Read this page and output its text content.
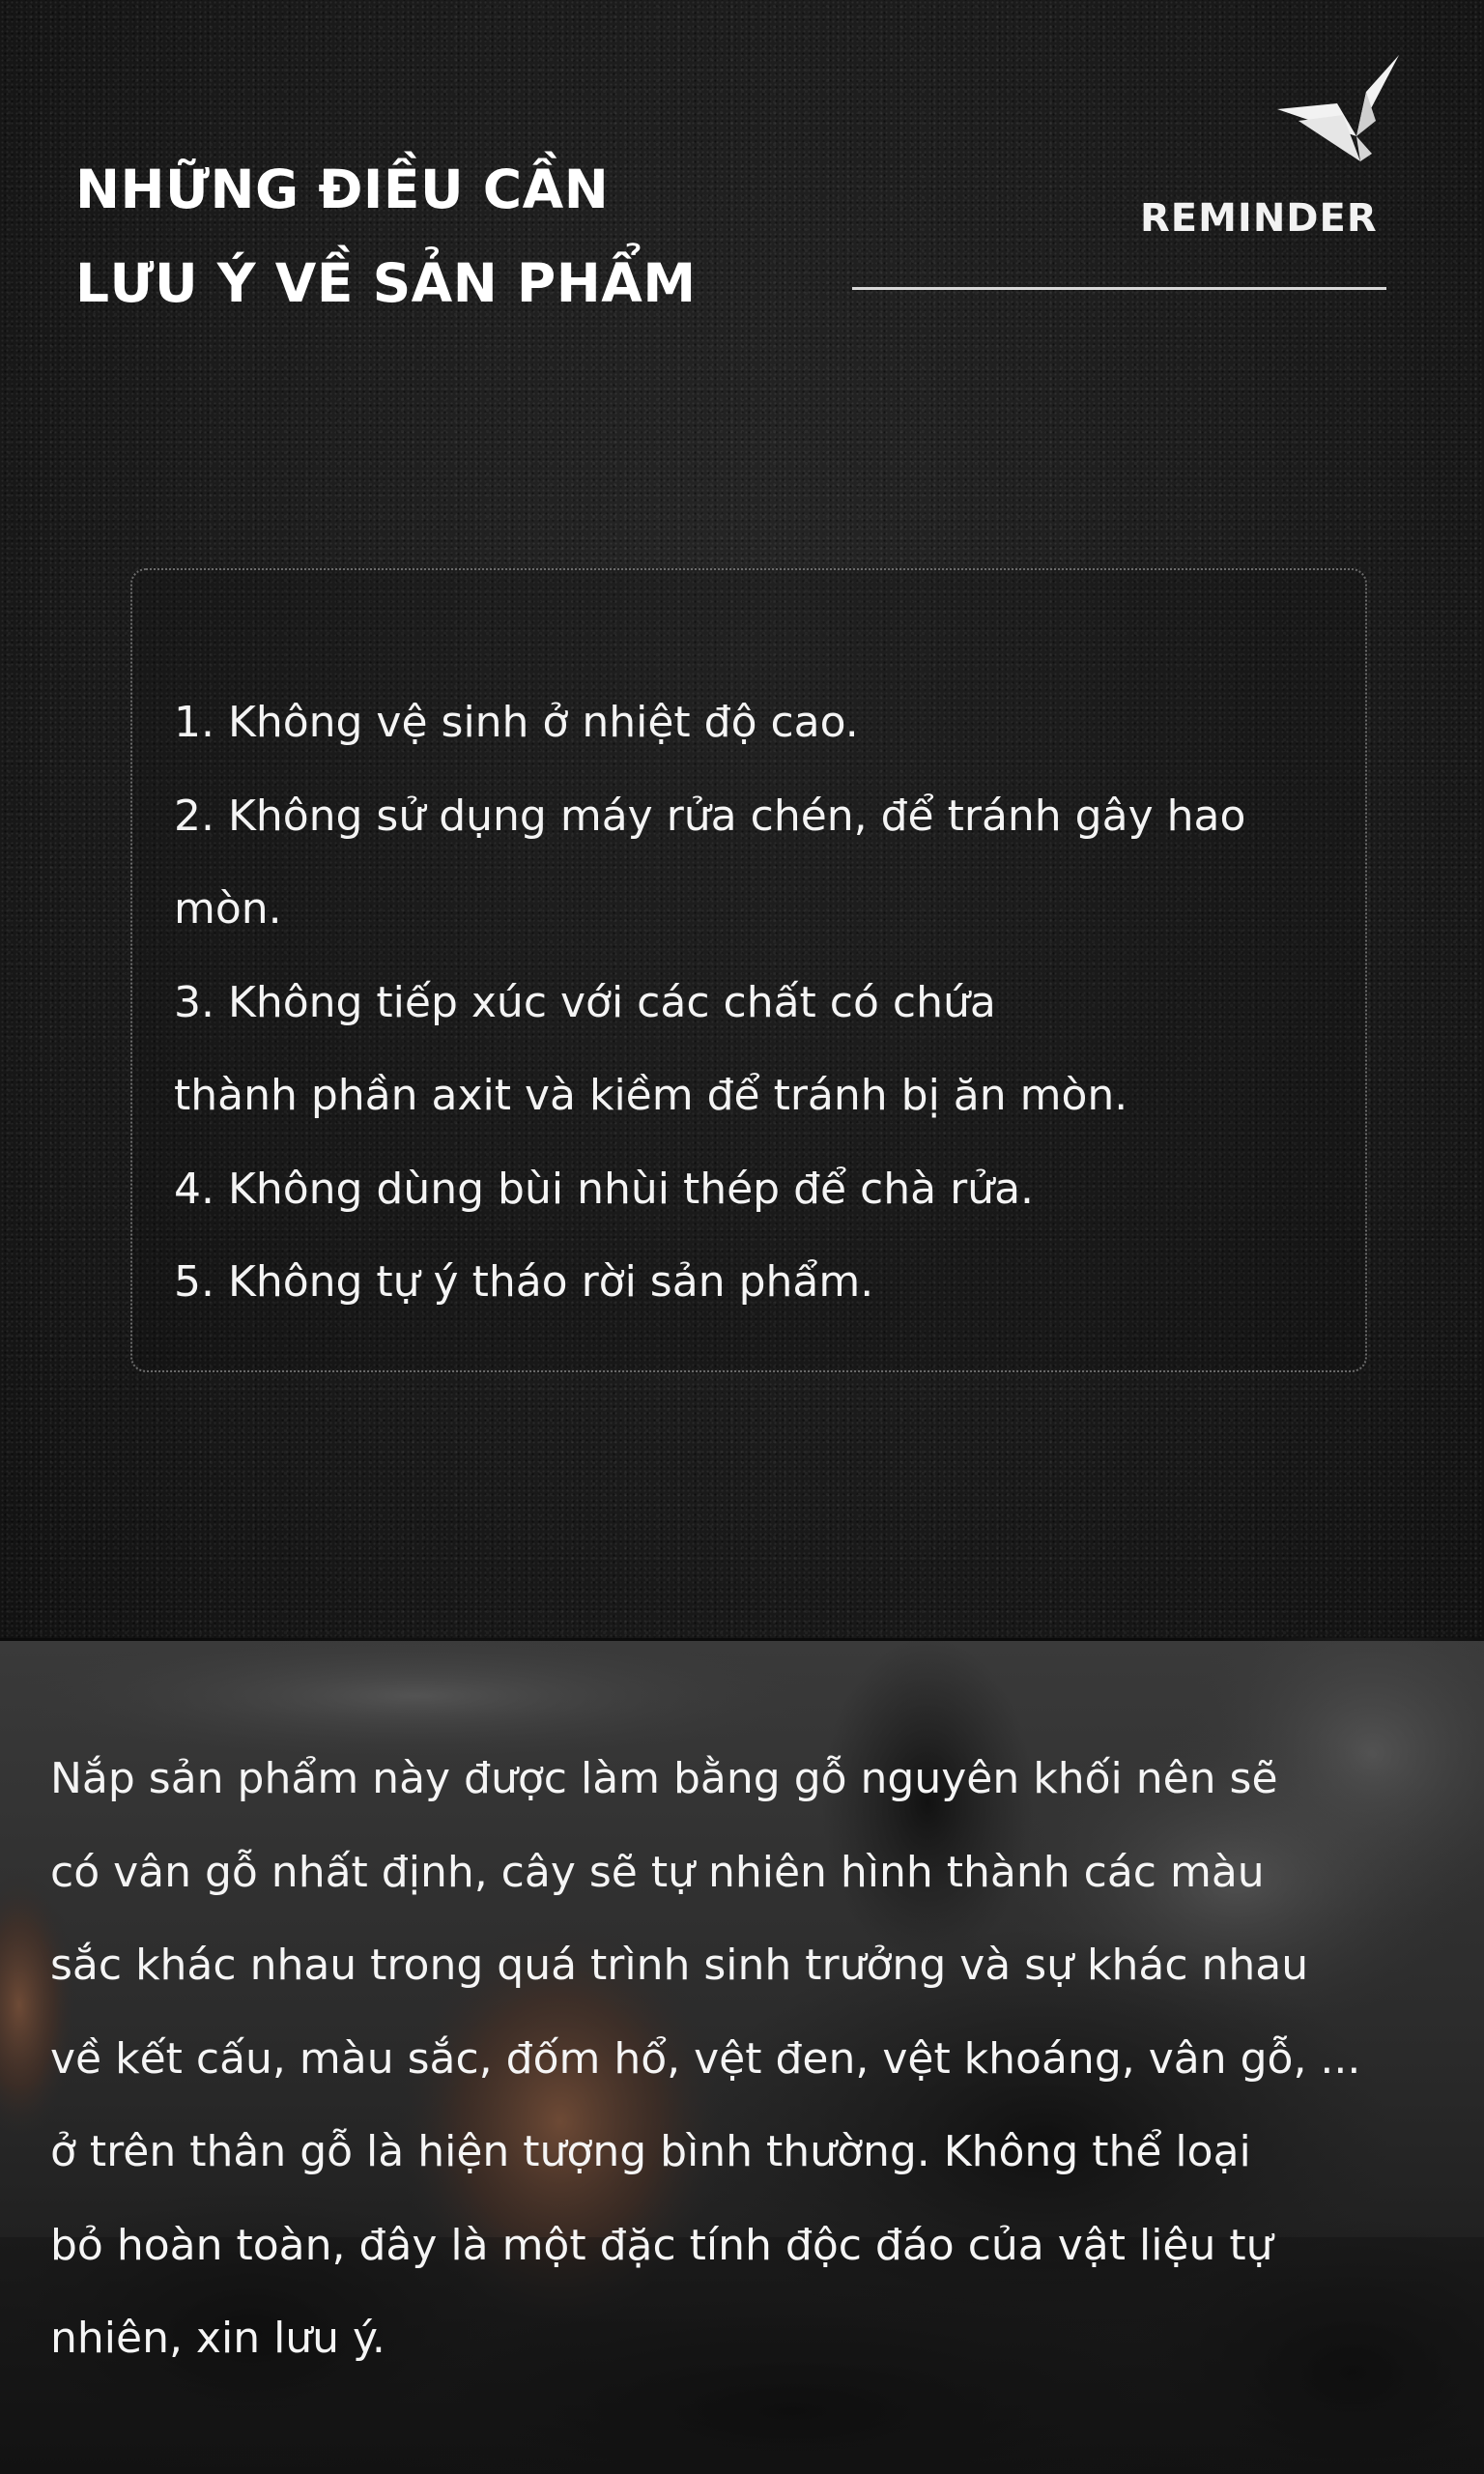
NHỮNG ĐIỀU CẦN
LƯU Ý VỀ SẢN PHẨM
REMINDER
1. Không vệ sinh ở nhiệt độ cao.
2. Không sử dụng máy rửa chén, để tránh gây hao
mòn.
3. Không tiếp xúc với các chất có chứa
thành phần axit và kiềm để tránh bị ăn mòn.
4. Không dùng bùi nhùi thép để chà rửa.
5. Không tự ý tháo rời sản phẩm.

Nắp sản phẩm này được làm bằng gỗ nguyên khối nên sẽ
có vân gỗ nhất định, cây sẽ tự nhiên hình thành các màu
sắc khác nhau trong quá trình sinh trưởng và sự khác nhau
về kết cấu, màu sắc, đốm hổ, vệt đen, vệt khoáng, vân gỗ, ...
ở trên thân gỗ là hiện tượng bình thường. Không thể loại
bỏ hoàn toàn, đây là một đặc tính độc đáo của vật liệu tự
nhiên, xin lưu ý.
